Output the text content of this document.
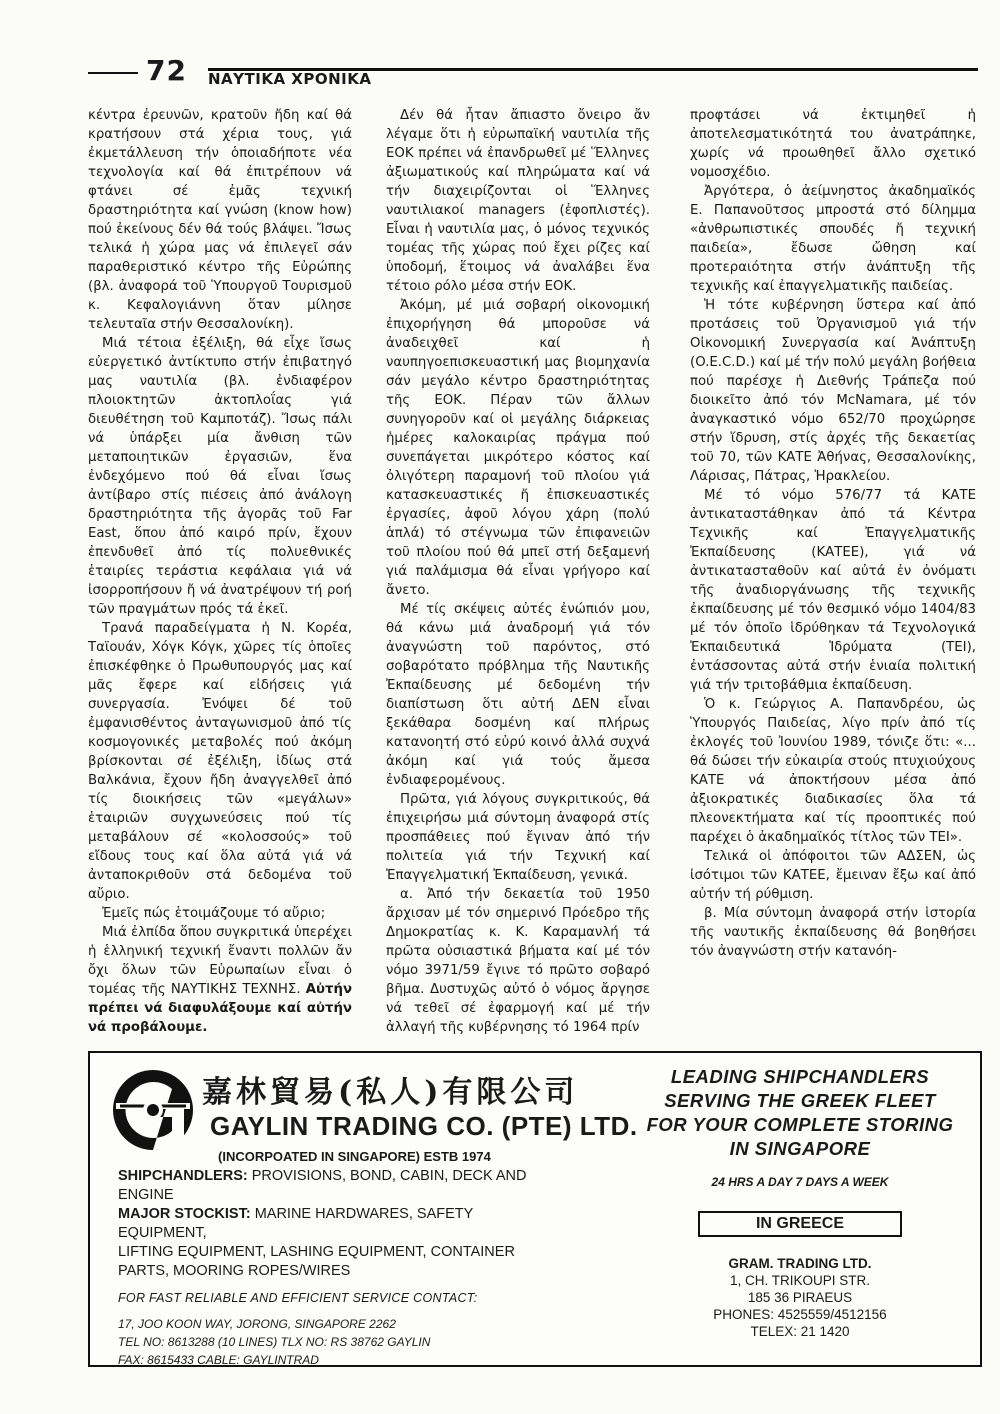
72 ΝΑΥΤΙΚΑ ΧΡΟΝΙΚΑ

κέντρα ἐρευνῶν, κρατοῦν ἤδη καί θά κρατήσουν στά χέρια τους, γιά ἐκμετάλλευση τήν ὁποιαδήποτε νέα τεχνολογία καί θά ἐπιτρέπουν νά φτάνει σέ ἐμᾶς τεχνική δραστηριότητα καί γνώση (know how) πού ἐκείνους δέν θά τούς βλάψει. Ἴσως τελικά ἡ χώρα μας νά ἐπιλεγεῖ σάν παραθεριστικό κέντρο τῆς Εὐρώπης (βλ. ἀναφορά τοῦ Ὑπουργοῦ Τουρισμοῦ κ. Κεφαλογιάννη ὅταν μίλησε τελευταῖα στήν Θεσσαλονίκη).

Μιά τέτοια ἐξέλιξη, θά εἶχε ἴσως εὐεργετικό ἀντίκτυπο στήν ἐπιβατηγό μας ναυτιλία (βλ. ἐνδιαφέρον πλοιοκτητῶν ἀκτοπλοΐας γιά διευθέτηση τοῦ Καμποτάζ). Ἴσως πάλι νά ὑπάρξει μία ἄνθιση τῶν μεταποιητικῶν ἐργασιῶν, ἕνα ἐνδεχόμενο πού θά εἶναι ἴσως ἀντίβαρο στίς πιέσεις ἀπό ἀνάλογη δραστηριότητα τῆς ἀγορᾶς τοῦ Far East, ὅπου ἀπό καιρό πρίν, ἔχουν ἐπενδυθεῖ ἀπό τίς πολυεθνικές ἑταιρίες τεράστια κεφάλαια γιά νά ἰσορροπήσουν ἤ νά ἀνατρέψουν τή ροή τῶν πραγμάτων πρός τά ἐκεῖ.

Τρανά παραδείγματα ἡ Ν. Κορέα, Ταϊουάν, Χόγκ Κόγκ, χῶρες τίς ὁποῖες ἐπισκέφθηκε ὁ Πρωθυπουργός μας καί μᾶς ἔφερε καί εἰδήσεις γιά συνεργασία. Ἐνόψει δέ τοῦ ἐμφανισθέντος ἀνταγωνισμοῦ ἀπό τίς κοσμογονικές μεταβολές πού ἀκόμη βρίσκονται σέ ἐξέλιξη, ἰδίως στά Βαλκάνια, ἔχουν ἤδη ἀναγγελθεῖ ἀπό τίς διοικήσεις τῶν «μεγάλων» ἑταιριῶν συγχωνεύσεις πού τίς μεταβάλουν σέ «κολοσσούς» τοῦ εἴδους τους καί ὅλα αὐτά γιά νά ἀνταποκριθοῦν στά δεδομένα τοῦ αὔριο.

Ἐμεῖς πώς ἑτοιμάζουμε τό αὔριο;

Μιά ἐλπίδα ὅπου συγκριτικά ὑπερέχει ἡ ἑλληνική τεχνική ἔναντι πολλῶν ἄν ὄχι ὅλων τῶν Εὐρωπαίων εἶναι ὁ τομέας τῆς ΝΑΥΤΙΚΗΣ ΤΕΧΝΗΣ. Αὐτήν πρέπει νά διαφυλάξουμε καί αὐτήν νά προβάλουμε.

Δέν θά ἦταν ἄπιαστο ὄνειρο ἄν λέγαμε ὅτι ἡ εὐρωπαϊκή ναυτιλία τῆς ΕΟΚ πρέπει νά ἐπανδρωθεῖ μέ Ἕλληνες ἀξιωματικούς καί πληρώματα καί νά τήν διαχειρίζονται οἱ Ἕλληνες ναυτιλιακοί managers (ἐφοπλιστές). Εἶναι ἡ ναυτιλία μας, ὁ μόνος τεχνικός τομέας τῆς χώρας πού ἔχει ρίζες καί ὑποδομή, ἕτοιμος νά ἀναλάβει ἕνα τέτοιο ρόλο μέσα στήν ΕΟΚ.

Ἀκόμη, μέ μιά σοβαρή οἰκονομική ἐπιχορήγηση θά μποροῦσε νά ἀναδειχθεῖ καί ἡ ναυπηγοεπισκευαστική μας βιομηχανία σάν μεγάλο κέντρο δραστηριότητας τῆς ΕΟΚ. Πέραν τῶν ἄλλων συνηγοροῦν καί οἱ μεγάλης διάρκειας ἡμέρες καλοκαιρίας πράγμα πού συνεπάγεται μικρότερο κόστος καί ὀλιγότερη παραμονή τοῦ πλοίου γιά κατασκευαστικές ἤ ἐπισκευαστικές ἐργασίες, ἀφοῦ λόγου χάρη (πολύ ἁπλά) τό στέγνωμα τῶν ἐπιφανειῶν τοῦ πλοίου πού θά μπεῖ στή δεξαμενή γιά παλάμισμα θά εἶναι γρήγορο καί ἄνετο.

Μέ τίς σκέψεις αὐτές ἐνώπιόν μου, θά κάνω μιά ἀναδρομή γιά τόν ἀναγνώστη τοῦ παρόντος, στό σοβαρότατο πρόβλημα τῆς Ναυτικῆς Ἐκπαίδευσης μέ δεδομένη τήν διαπίστωση ὅτι αὐτή ΔΕΝ εἶναι ξεκάθαρα δοσμένη καί πλήρως κατανοητή στό εὐρύ κοινό ἀλλά συχνά ἀκόμη καί γιά τούς ἄμεσα ἐνδιαφερομένους.

Πρῶτα, γιά λόγους συγκριτικούς, θά ἐπιχειρήσω μιά σύντομη ἀναφορά στίς προσπάθειες πού ἔγιναν ἀπό τήν πολιτεία γιά τήν Τεχνική καί Ἐπαγγελματική Ἐκπαίδευση, γενικά.

α. Ἀπό τήν δεκαετία τοῦ 1950 ἄρχισαν μέ τόν σημερινό Πρόεδρο τῆς Δημοκρατίας κ. Κ. Καραμανλή τά πρῶτα οὐσιαστικά βήματα καί μέ τόν νόμο 3971/59 ἔγινε τό πρῶτο σοβαρό βῆμα. Δυστυχῶς αὐτό ὁ νόμος ἄργησε νά τεθεῖ σέ ἐφαρμογή καί μέ τήν ἀλλαγή τῆς κυβέρνησης τό 1964 πρίν

προφτάσει νά ἐκτιμηθεῖ ἡ ἀποτελεσματικότητά του ἀνατράπηκε, χωρίς νά προωθηθεῖ ἄλλο σχετικό νομοσχέδιο.

Ἀργότερα, ὁ ἀείμνηστος ἀκαδημαϊκός Ε. Παπανοῦτσος μπροστά στό δίλημμα «ἀνθρωπιστικές σπουδές ἤ τεχνική παιδεία», ἔδωσε ὤθηση καί προτεραιότητα στήν ἀνάπτυξη τῆς τεχνικῆς καί ἐπαγγελματικῆς παιδείας.

Ἡ τότε κυβέρνηση ὕστερα καί ἀπό προτάσεις τοῦ Ὀργανισμοῦ γιά τήν Οἰκονομική Συνεργασία καί Ἀνάπτυξη (O.E.C.D.) καί μέ τήν πολύ μεγάλη βοήθεια πού παρέσχε ἡ Διεθνής Τράπεζα πού διοικεῖτο ἀπό τόν McNamara, μέ τόν ἀναγκαστικό νόμο 652/70 προχώρησε στήν ἵδρυση, στίς ἀρχές τῆς δεκαετίας τοῦ 70, τῶν ΚΑΤΕ Ἀθήνας, Θεσσαλονίκης, Λάρισας, Πάτρας, Ἡρακλείου.

Μέ τό νόμο 576/77 τά ΚΑΤΕ ἀντικαταστάθηκαν ἀπό τά Κέντρα Τεχνικῆς καί Ἐπαγγελματικῆς Ἐκπαίδευσης (ΚΑΤΕΕ), γιά νά ἀντικατασταθοῦν καί αὐτά ἐν ὀνόματι τῆς ἀναδιοργάνωσης τῆς τεχνικῆς ἐκπαίδευσης μέ τόν θεσμικό νόμο 1404/83 μέ τόν ὁποῖο ἱδρύθηκαν τά Τεχνολογικά Ἐκπαιδευτικά Ἱδρύματα (ΤΕΙ), ἐντάσσοντας αὐτά στήν ἑνιαία πολιτική γιά τήν τριτοβάθμια ἐκπαίδευση.

Ὁ κ. Γεώργιος Α. Παπανδρέου, ὡς Ὑπουργός Παιδείας, λίγο πρίν ἀπό τίς ἐκλογές τοῦ Ἰουνίου 1989, τόνιζε ὅτι: «... θά δώσει τήν εὐκαιρία στούς πτυχιούχους ΚΑΤΕ νά ἀποκτήσουν μέσα ἀπό ἀξιοκρατικές διαδικασίες ὅλα τά πλεονεκτήματα καί τίς προοπτικές πού παρέχει ὁ ἀκαδημαϊκός τίτλος τῶν ΤΕΙ».

Τελικά οἱ ἀπόφοιτοι τῶν ΑΔΣΕΝ, ὡς ἰσότιμοι τῶν ΚΑΤΕΕ, ἔμειναν ἔξω καί ἀπό αὐτήν τή ρύθμιση.

β. Μία σύντομη ἀναφορά στήν ἱστορία τῆς ναυτικῆς ἐκπαίδευσης θά βοηθήσει τόν ἀναγνώστη στήν κατανόη-

嘉林貿易(私人)有限公司
GAYLIN TRADING CO. (PTE) LTD.
(INCORPOATED IN SINGAPORE) ESTB 1974
SHIPCHANDLERS: PROVISIONS, BOND, CABIN, DECK AND ENGINE
MAJOR STOCKIST: MARINE HARDWARES, SAFETY EQUIPMENT,
LIFTING EQUIPMENT, LASHING EQUIPMENT, CONTAINER PARTS, MOORING ROPES/WIRES
FOR FAST RELIABLE AND EFFICIENT SERVICE CONTACT:
17, JOO KOON WAY, JORONG, SINGAPORE 2262
TEL NO: 8613288 (10 LINES) TLX NO: RS 38762 GAYLIN
FAX: 8615433 CABLE: GAYLINTRAD
LEADING SHIPCHANDLERS
SERVING THE GREEK FLEET
FOR YOUR COMPLETE STORING
IN SINGAPORE
24 HRS A DAY 7 DAYS A WEEK
IN GREECE
GRAM. TRADING LTD.
1, CH. TRIKOUPI STR.
185 36 PIRAEUS
PHONES: 4525559/4512156
TELEX: 21 1420
